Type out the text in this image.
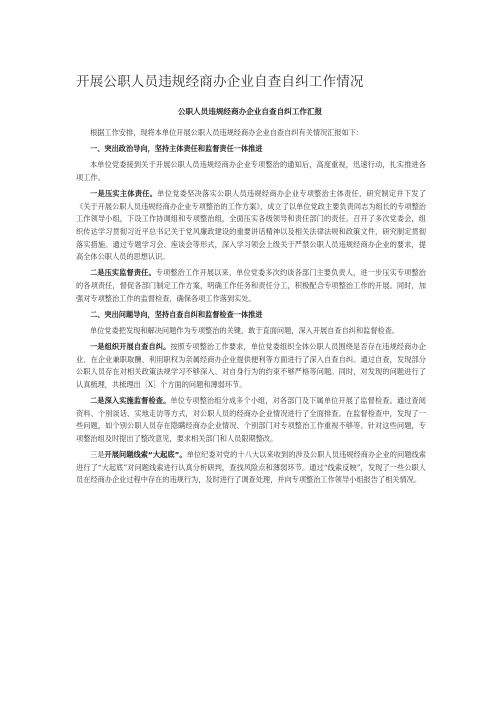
开展公职人员违规经商办企业自查自纠工作情况
公职人员违规经商办企业自查自纠工作汇报

根据工作安排，现将本单位开展公职人员违规经商办企业自查自纠有关情况汇报如下：

一、突出政治导向，坚持主体责任和监督责任一体推进

本单位党委接到关于开展公职人员违规经商办企业专项整治的通知后，高度重视，迅速行动，扎实推进各项工作。

一是压实主体责任。单位党委坚决落实公职人员违规经商办企业专项整治主体责任，研究制定并下发了《关于开展公职人员违规经商办企业专项整治的工作方案》，成立了以单位党政主要负责同志为组长的专项整治工作领导小组，下设工作协调组和专项整治组，全面压实各级领导和责任部门的责任。召开了多次党委会，组织传达学习贯彻习近平总书记关于党风廉政建设的重要讲话精神以及相关法律法规和政策文件，研究制定贯彻落实措施。通过专题学习会、座谈会等形式，深入学习领会上级关于严禁公职人员违规经商办企业的要求，提高全体公职人员的思想认识。

二是压实监督责任。专项整治工作开展以来，单位党委多次约谈各部门主要负责人，进一步压实专项整治的各项责任，督促各部门制定工作方案，明确工作任务和责任分工，积极配合专项整治工作的开展。同时，加强对专项整治工作的监督检查，确保各项工作落到实处。

二、突出问题导向，坚持自查自纠和监督检查一体推进

单位党委把发现和解决问题作为专项整治的关键，敢于直面问题，深入开展自查自纠和监督检查。

一是组织开展自查自纠。按照专项整治工作要求，单位党委组织全体公职人员围绕是否存在违规经商办企业、在企业兼职取酬、利用职权为亲属经商办企业提供便利等方面进行了深入自查自纠。通过自查，发现部分公职人员存在对相关政策法规学习不够深入、对自身行为的约束不够严格等问题。同时，对发现的问题进行了认真梳理，共梳理出［X］个方面的问题和薄弱环节。

二是深入实施监督检查。单位专项整治组分成多个小组，对各部门及下属单位开展了监督检查。通过查阅资料、个别谈话、实地走访等方式，对公职人员的经商办企业情况进行了全面排查。在监督检查中，发现了一些问题，如个别公职人员存在隐瞒经商办企业情况、个别部门对专项整治工作重视不够等。针对这些问题，专项整治组及时提出了整改意见，要求相关部门和人员限期整改。

三是开展问题线索“大起底”。单位纪委对党的十八大以来收到的涉及公职人员违规经商办企业的问题线索进行了“大起底”对问题线索进行认真分析研判，查找风险点和薄弱环节。通过“线索反映”，发现了一些公职人员在经商办企业过程中存在的违规行为，及时进行了调查处理，并向专项整治工作领导小组报告了相关情况。
